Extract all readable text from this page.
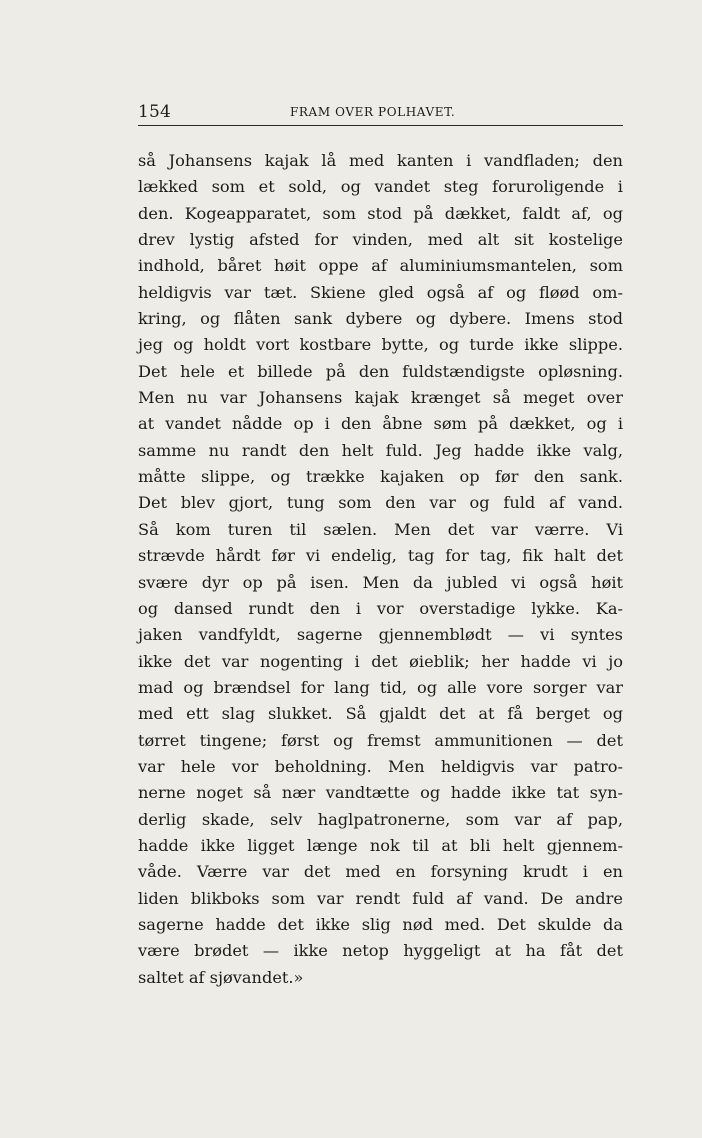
154	FRAM OVER POLHAVET.
så Johansens kajak lå med kanten i vandfladen; den
lækked som et sold, og vandet steg foruroligende i
den. Kogeapparatet, som stod på dækket, faldt af, og
drev lystig afsted for vinden, med alt sit kostelige
indhold, båret høit oppe af aluminiumsmantelen, som
heldigvis var tæt. Skiene gled også af og fløød om-
kring, og flåten sank dybere og dybere. Imens stod
jeg og holdt vort kostbare bytte, og turde ikke slippe.
Det hele et billede på den fuldstændigste opløsning.
Men nu var Johansens kajak krænget så meget over
at vandet nådde op i den åbne søm på dækket, og i
samme nu randt den helt fuld. Jeg hadde ikke valg,
måtte slippe, og trække kajaken op før den sank.
Det blev gjort, tung som den var og fuld af vand.
Så kom turen til sælen. Men det var værre. Vi
strævde hårdt før vi endelig, tag for tag, fik halt det
svære dyr op på isen. Men da jubled vi også høit
og dansed rundt den i vor overstadige lykke. Ka-
jaken vandfyldt, sagerne gjennemblødt — vi syntes
ikke det var nogenting i det øieblik; her hadde vi jo
mad og brændsel for lang tid, og alle vore sorger var
med ett slag slukket. Så gjaldt det at få berget og
tørret tingene; først og fremst ammunitionen — det
var hele vor beholdning. Men heldigvis var patro-
nerne noget så nær vandtætte og hadde ikke tat syn-
derlig skade, selv haglpatronerne, som var af pap,
hadde ikke ligget længe nok til at bli helt gjennem-
våde. Værre var det med en forsyning krudt i en
liden blikboks som var rendt fuld af vand. De andre
sagerne hadde det ikke slig nød med. Det skulde da
være brødet — ikke netop hyggeligt at ha fåt det
saltet af sjøvandet.»
